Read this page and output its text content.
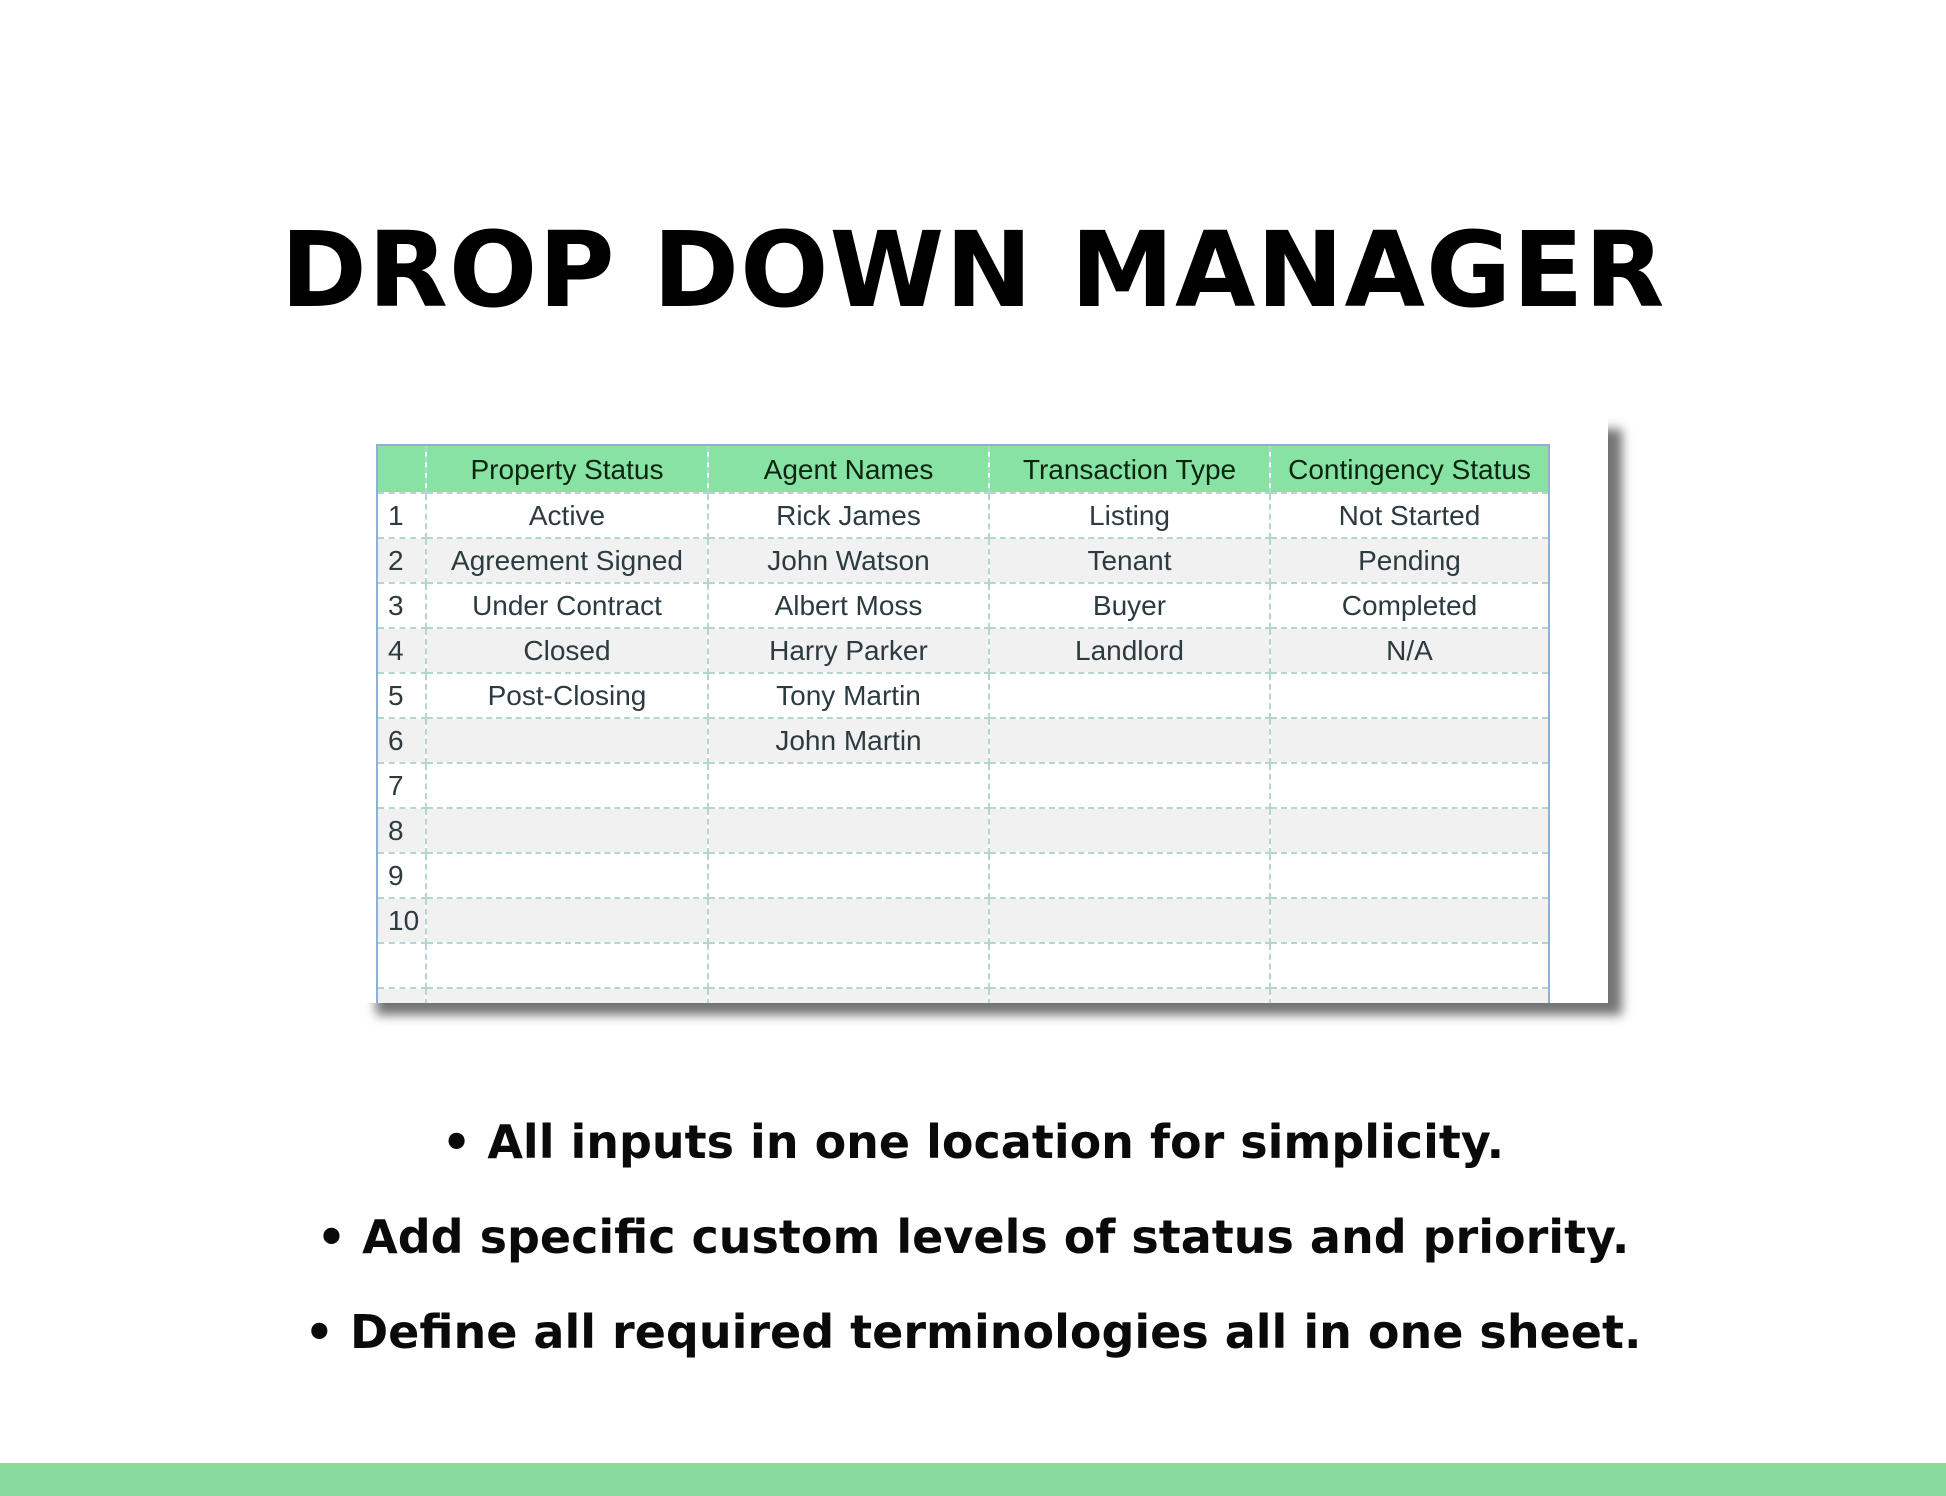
DROP DOWN MANAGER
	Property Status	Agent Names	Transaction Type	Contingency Status
1	Active	Rick James	Listing	Not Started
2	Agreement Signed	John Watson	Tenant	Pending
3	Under Contract	Albert Moss	Buyer	Completed
4	Closed	Harry Parker	Landlord	N/A
5	Post-Closing	Tony Martin		
6		John Martin		
7				
8				
9				
10				

• All inputs in one location for simplicity.
• Add specific custom levels of status and priority.
• Define all required terminologies all in one sheet.
